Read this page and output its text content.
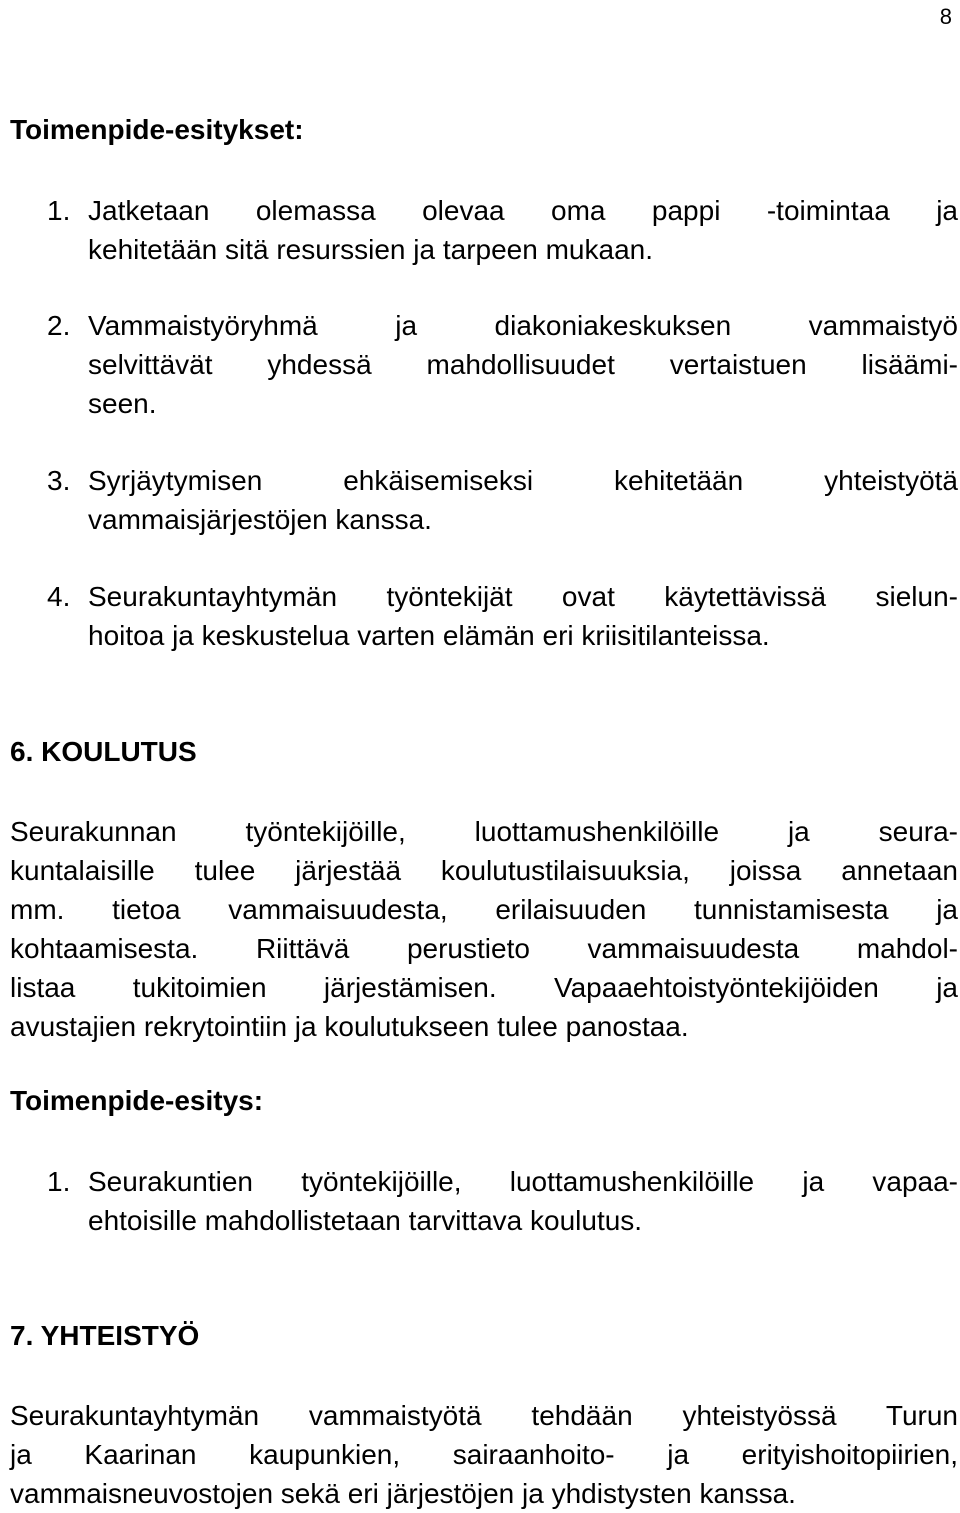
8
Toimenpide-esitykset:
1. Jatketaan olemassa olevaa oma pappi -toimintaa ja
kehitetään sitä resurssien ja tarpeen mukaan.
2. Vammaistyöryhmä ja diakoniakeskuksen vammaistyö
selvittävät yhdessä mahdollisuudet vertaistuen lisäämi-
seen.
3. Syrjäytymisen ehkäisemiseksi kehitetään yhteistyötä
vammaisjärjestöjen kanssa.
4. Seurakuntayhtymän työntekijät ovat käytettävissä sielun-
hoitoa ja keskustelua varten elämän eri kriisitilanteissa.
6. KOULUTUS
Seurakunnan työntekijöille, luottamushenkilöille ja seura-
kuntalaisille tulee järjestää koulutustilaisuuksia, joissa annetaan
mm. tietoa vammaisuudesta, erilaisuuden tunnistamisesta ja
kohtaamisesta. Riittävä perustieto vammaisuudesta mahdol-
listaa tukitoimien järjestämisen. Vapaaehtoistyöntekijöiden ja
avustajien rekrytointiin ja koulutukseen tulee panostaa.
Toimenpide-esitys:
1. Seurakuntien työntekijöille, luottamushenkilöille ja vapaa-
ehtoisille mahdollistetaan tarvittava koulutus.
7. YHTEISTYÖ
Seurakuntayhtymän vammaistyötä tehdään yhteistyössä Turun
ja Kaarinan kaupunkien, sairaanhoito- ja erityishoitopiirien,
vammaisneuvostojen sekä eri järjestöjen ja yhdistysten kanssa.
